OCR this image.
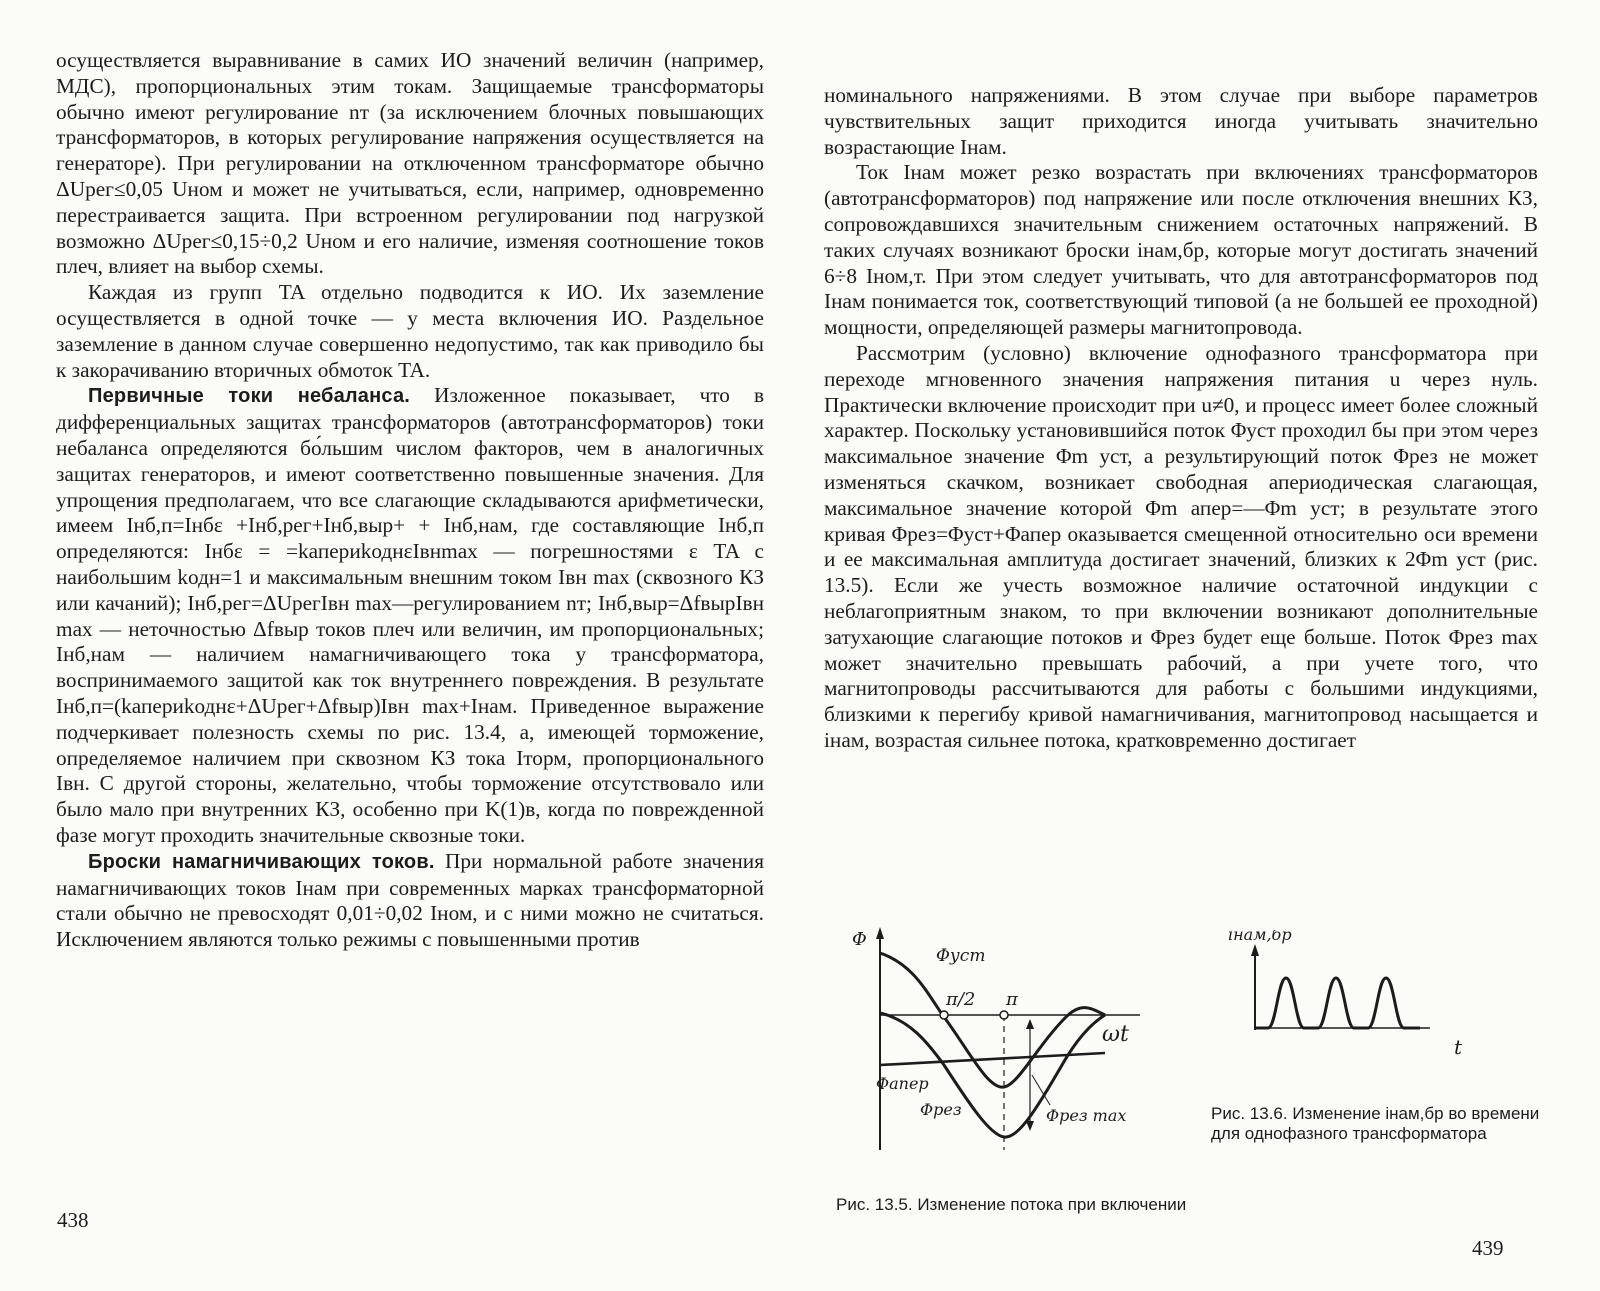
осуществляется выравнивание в самих ИО значений величин (например, МДС), пропорциональных этим токам. Защищаемые трансформаторы обычно имеют регулирование nт (за исключением блочных повышающих трансформаторов, в которых регулирование напряжения осуществляется на генераторе). При регулировании на отключенном трансформаторе обычно ΔUрег≤0,05 Uном и может не учитываться, если, например, одновременно перестраивается защита. При встроенном регулировании под нагрузкой возможно ΔUрег≤0,15÷0,2 Uном и его наличие, изменяя соотношение токов плеч, влияет на выбор схемы.

Каждая из групп TA отдельно подводится к ИО. Их заземление осуществляется в одной точке — у места включения ИО. Раздельное заземление в данном случае совершенно недопустимо, так как приводило бы к закорачиванию вторичных обмоток TA.

Первичные токи небаланса. Изложенное показывает, что в дифференциальных защитах трансформаторов (автотрансформаторов) токи небаланса определяются бо́льшим числом факторов, чем в аналогичных защитах генераторов, и имеют соответственно повышенные значения. Для упрощения предполагаем, что все слагающие складываются арифметически, имеем Iнб,п=Iнбε +Iнб,рег+Iнб,выр+ + Iнб,нам, где составляющие Iнб,п определяются: Iнбε = =kапериkоднεIвнmax — погрешностями ε TA с наибольшим kодн=1 и максимальным внешним током Iвн max (сквозного КЗ или качаний); Iнб,рег=ΔUрегIвн max—регулированием nт; Iнб,выр=ΔfвырIвн max — неточностью Δfвыр токов плеч или величин, им пропорциональных; Iнб,нам — наличием намагничивающего тока у трансформатора, воспринимаемого защитой как ток внутреннего повреждения. В результате Iнб,п=(kапериkоднε+ΔUрег+Δfвыр)Iвн max+Iнам. Приведенное выражение подчеркивает полезность схемы по рис. 13.4, a, имеющей торможение, определяемое наличием при сквозном КЗ тока Iторм, пропорционального Iвн. С другой стороны, желательно, чтобы торможение отсутствовало или было мало при внутренних КЗ, особенно при K(1)в, когда по поврежденной фазе могут проходить значительные сквозные токи.

Броски намагничивающих токов. При нормальной работе значения намагничивающих токов Iнам при современных марках трансформаторной стали обычно не превосходят 0,01÷0,02 Iном, и с ними можно не считаться. Исключением являются только режимы с повышенными против

438

номинального напряжениями. В этом случае при выборе параметров чувствительных защит приходится иногда учитывать значительно возрастающие Iнам.

Ток Iнам может резко возрастать при включениях трансформаторов (автотрансформаторов) под напряжение или после отключения внешних КЗ, сопровождавшихся значительным снижением остаточных напряжений. В таких случаях возникают броски iнам,бр, которые могут достигать значений 6÷8 Iном,т. При этом следует учитывать, что для автотрансформаторов под Iнам понимается ток, соответствующий типовой (а не большей ее проходной) мощности, определяющей размеры магнитопровода.

Рассмотрим (условно) включение однофазного трансформатора при переходе мгновенного значения напряжения питания u через нуль. Практически включение происходит при u≠0, и процесс имеет более сложный характер. Поскольку установившийся поток Φуст проходил бы при этом через максимальное значение Φm уст, а результирующий поток Φрез не может изменяться скачком, возникает свободная апериодическая слагающая, максимальное значение которой Φm апер=—Φm уст; в результате этого кривая Φрез=Φуст+Φапер оказывается смещенной относительно оси времени и ее максимальная амплитуда достигает значений, близких к 2Φm уст (рис. 13.5). Если же учесть возможное наличие остаточной индукции с неблагоприятным знаком, то при включении возникают дополнительные затухающие слагающие потоков и Φрез будет еще больше. Поток Φрез max может значительно превышать рабочий, а при учете того, что магнитопроводы рассчитываются для работы с большими индукциями, близкими к перегибу кривой намагничивания, магнитопровод насыщается и iнам, возрастая сильнее потока, кратковременно достигает

Φ
Φуст
π/2 π
ωt
Φапер
Φрез	Φрез max
Рис. 13.5. Изменение потока при включении
iнам,бр
t
Рис. 13.6. Изменение iнам,бр во времени для однофазного трансформатора
439
